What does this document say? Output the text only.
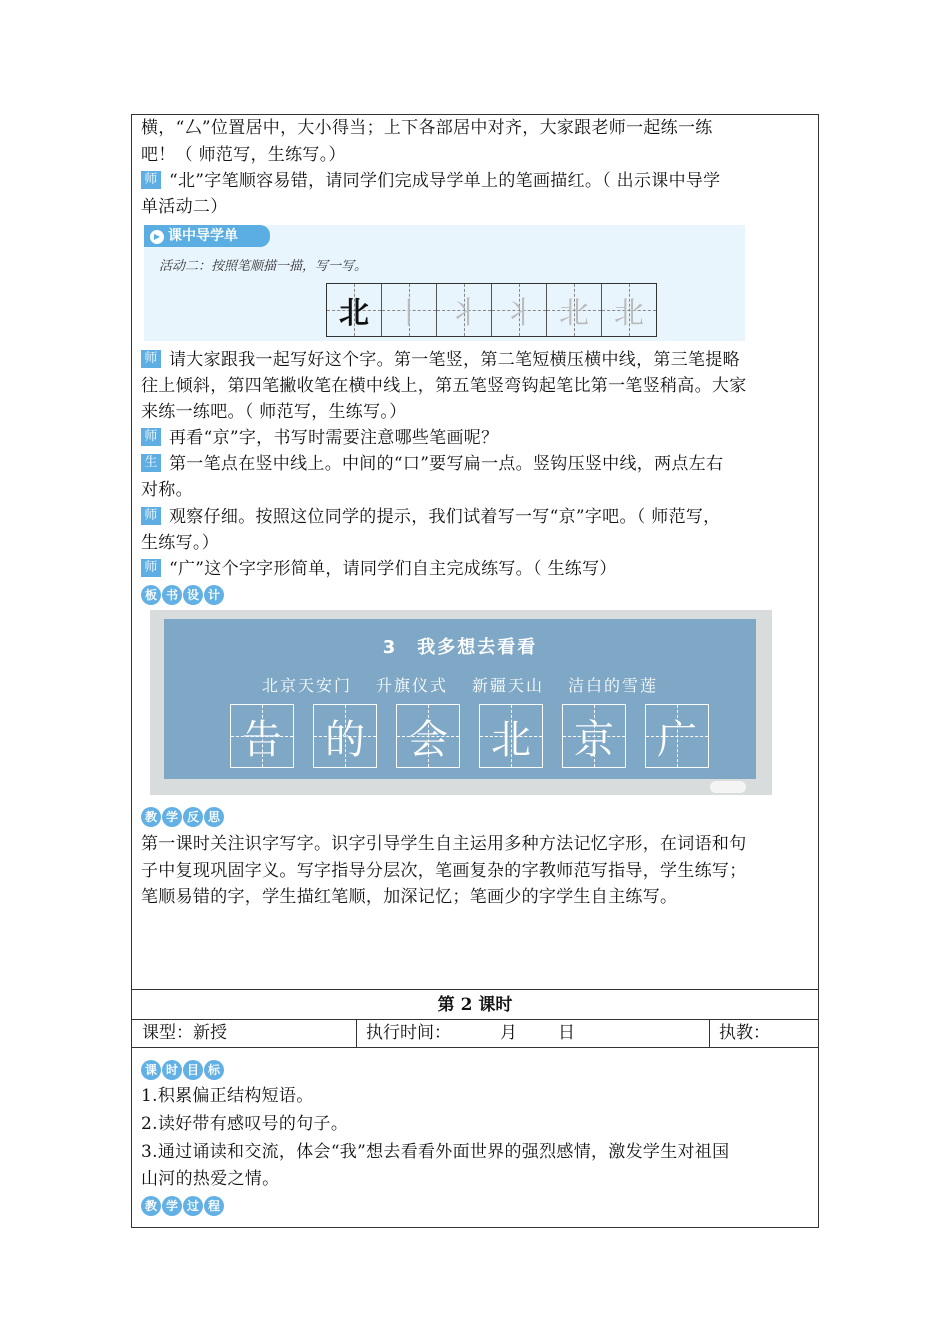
横，“厶”位置居中，大小得当；上下各部居中对齐，大家跟老师一起练一练
吧！（ 师范写，生练写。）
师 “北”字笔顺容易错，请同学们完成导学单上的笔画描红。（ 出示课中导学
单活动二）
▶ 课中导学单
活动二：按照笔顺描一描，写一写。
北 丨 丬 丬 北 北
师 请大家跟我一起写好这个字。第一笔竖，第二笔短横压横中线，第三笔提略
往上倾斜，第四笔撇收笔在横中线上，第五笔竖弯钩起笔比第一笔竖稍高。大家
来练一练吧。（ 师范写，生练写。）
师 再看“京”字，书写时需要注意哪些笔画呢？
生 第一笔点在竖中线上。中间的“口”要写扁一点。竖钩压竖中线，两点左右
对称。
师 观察仔细。按照这位同学的提示，我们试着写一写“京”字吧。（ 师范写，
生练写。）
师 “广”这个字字形简单，请同学们自主完成练写。（ 生练写）
板 书 设 计
3　我多想去看看
北京天安门 升旗仪式 新疆天山 洁白的雪莲
告 的 会 北 京 广
教 学 反 思
第一课时关注识字写字。识字引导学生自主运用多种方法记忆字形，在词语和句
子中复现巩固字义。写字指导分层次，笔画复杂的字教师范写指导，学生练写；
笔顺易错的字，学生描红笔顺，加深记忆；笔画少的字学生自主练写。
第 2 课时
课型：新授	执行时间：	月 日	执教：
课 时 目 标
1.积累偏正结构短语。
2.读好带有感叹号的句子。
3.通过诵读和交流，体会“我”想去看看外面世界的强烈感情，激发学生对祖国
山河的热爱之情。
教 学 过 程
